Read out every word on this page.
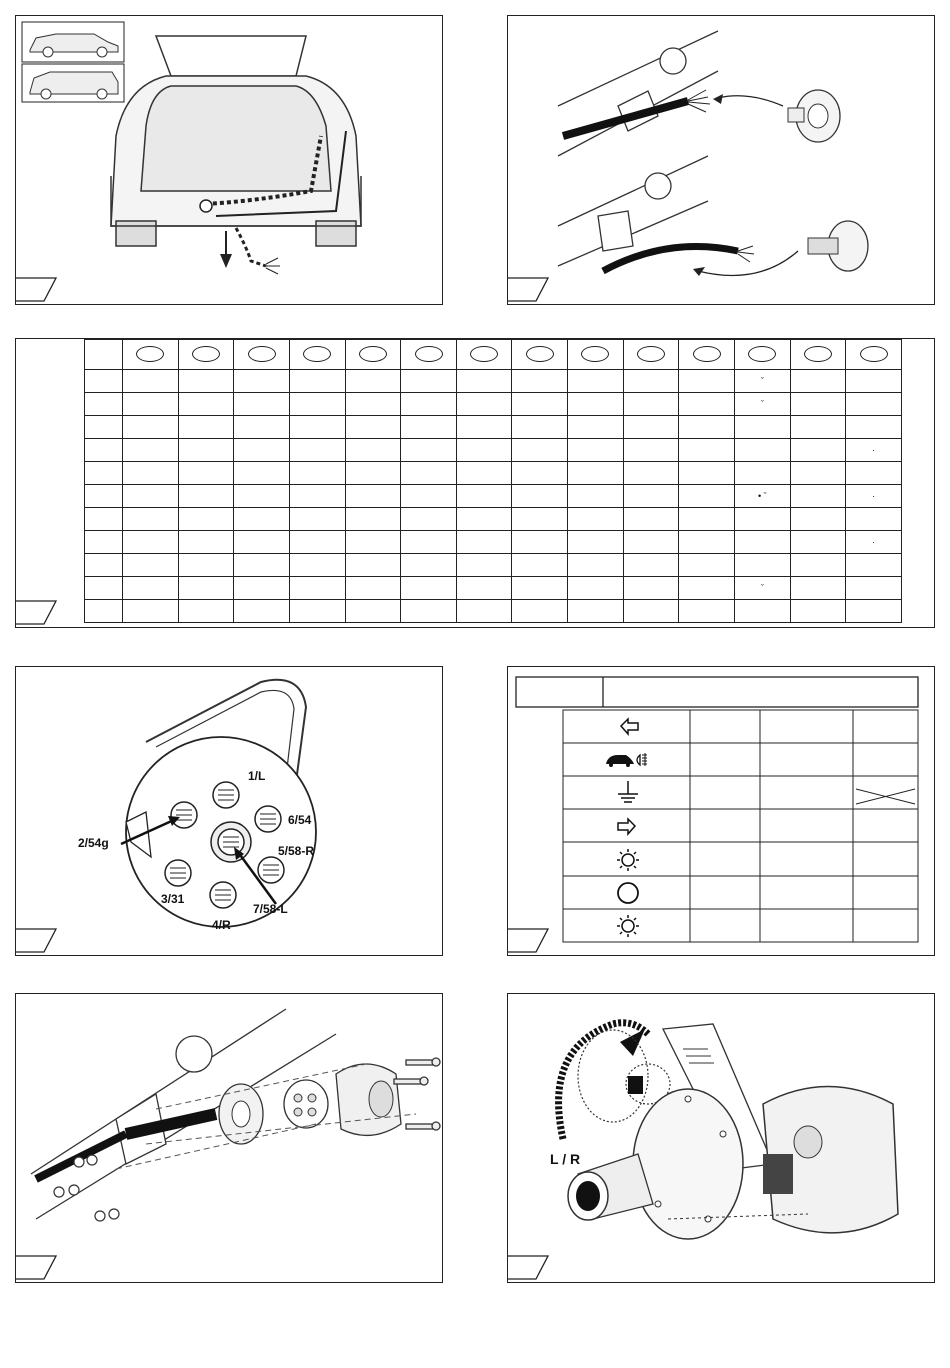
												ˇ		
												ˇ		

														·

												• ˇ		·

														·

												ˇ		

1/L
2/54g
6/54
5/58-R
3/31
7/58-L
4/R
L / R
